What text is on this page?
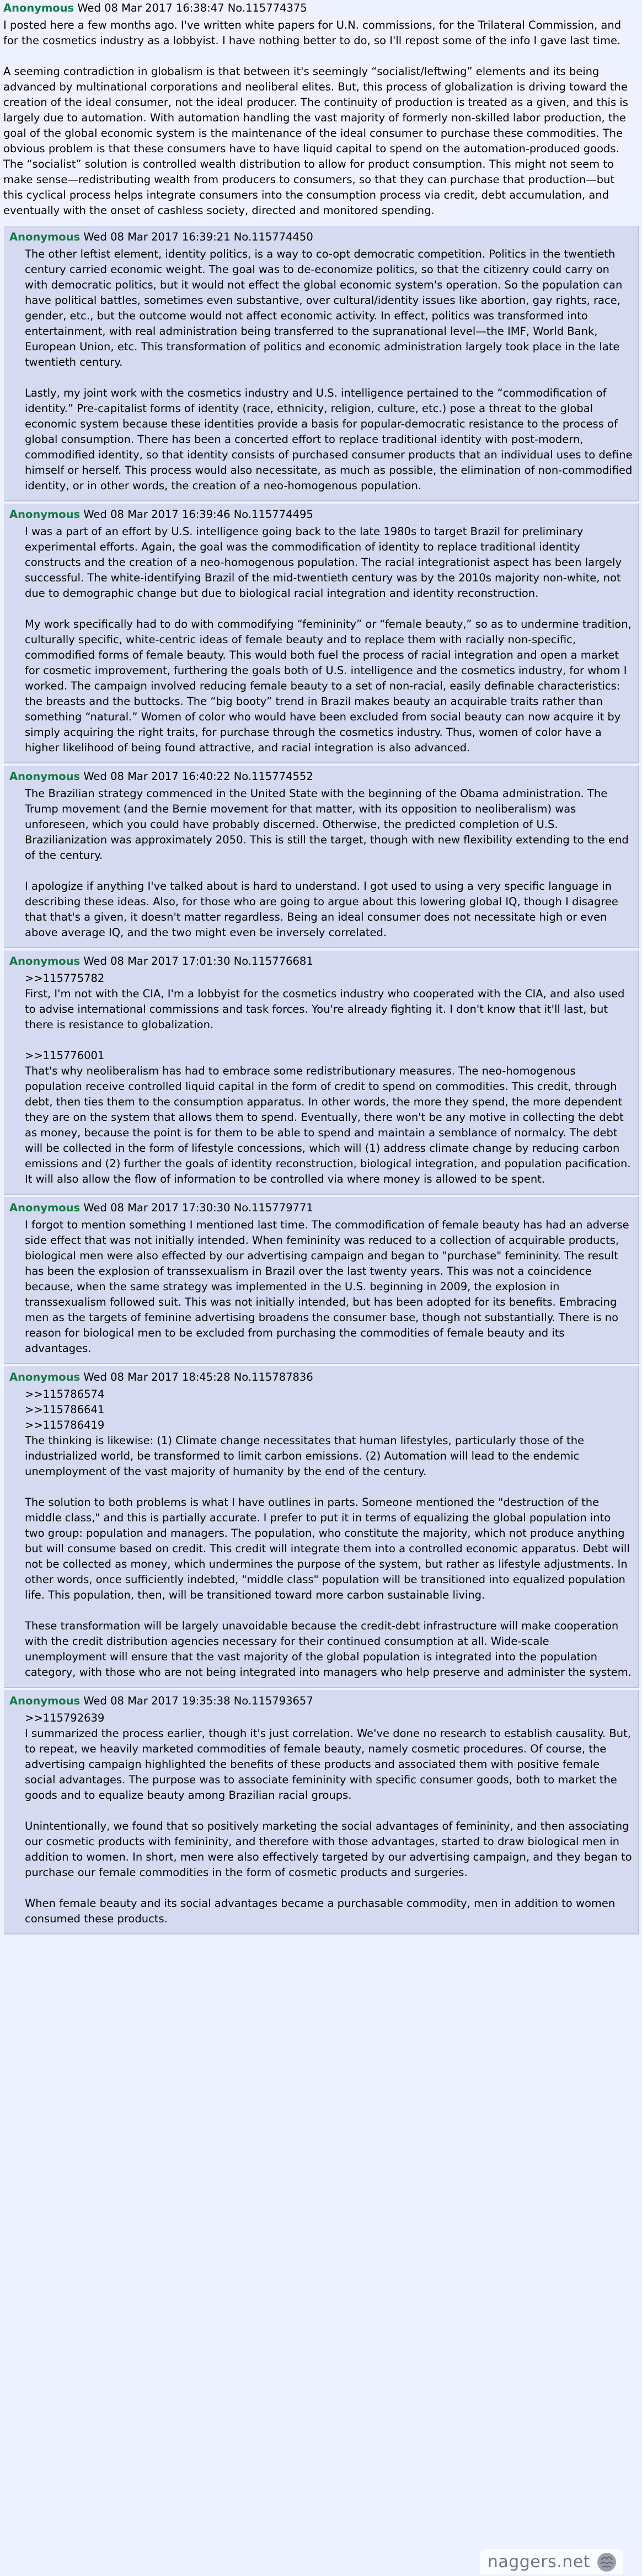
Anonymous Wed 08 Mar 2017 16:38:47 No.115774375

I posted here a few months ago. I've written white papers for U.N. commissions, for the Trilateral Commission, and for the cosmetics industry as a lobbyist. I have nothing better to do, so I'll repost some of the info I gave last time.

A seeming contradiction in globalism is that between it's seemingly “socialist/leftwing” elements and its being advanced by multinational corporations and neoliberal elites. But, this process of globalization is driving toward the creation of the ideal consumer, not the ideal producer. The continuity of production is treated as a given, and this is largely due to automation. With automation handling the vast majority of formerly non-skilled labor production, the goal of the global economic system is the maintenance of the ideal consumer to purchase these commodities. The obvious problem is that these consumers have to have liquid capital to spend on the automation-produced goods. The “socialist” solution is controlled wealth distribution to allow for product consumption. This might not seem to make sense—redistributing wealth from producers to consumers, so that they can purchase that production—but this cyclical process helps integrate consumers into the consumption process via credit, debt accumulation, and eventually with the onset of cashless society, directed and monitored spending.

Anonymous Wed 08 Mar 2017 16:39:21 No.115774450

The other leftist element, identity politics, is a way to co-opt democratic competition. Politics in the twentieth century carried economic weight. The goal was to de-economize politics, so that the citizenry could carry on with democratic politics, but it would not effect the global economic system's operation. So the population can have political battles, sometimes even substantive, over cultural/identity issues like abortion, gay rights, race, gender, etc., but the outcome would not affect economic activity. In effect, politics was transformed into entertainment, with real administration being transferred to the supranational level—the IMF, World Bank, European Union, etc. This transformation of politics and economic administration largely took place in the late twentieth century.

Lastly, my joint work with the cosmetics industry and U.S. intelligence pertained to the “commodification of identity.” Pre-capitalist forms of identity (race, ethnicity, religion, culture, etc.) pose a threat to the global economic system because these identities provide a basis for popular-democratic resistance to the process of global consumption. There has been a concerted effort to replace traditional identity with post-modern, commodified identity, so that identity consists of purchased consumer products that an individual uses to define himself or herself. This process would also necessitate, as much as possible, the elimination of non-commodified identity, or in other words, the creation of a neo-homogenous population.

Anonymous Wed 08 Mar 2017 16:39:46 No.115774495

I was a part of an effort by U.S. intelligence going back to the late 1980s to target Brazil for preliminary experimental efforts. Again, the goal was the commodification of identity to replace traditional identity constructs and the creation of a neo-homogenous population. The racial integrationist aspect has been largely successful. The white-identifying Brazil of the mid-twentieth century was by the 2010s majority non-white, not due to demographic change but due to biological racial integration and identity reconstruction.

My work specifically had to do with commodifying “femininity” or “female beauty,” so as to undermine tradition, culturally specific, white-centric ideas of female beauty and to replace them with racially non-specific, commodified forms of female beauty. This would both fuel the process of racial integration and open a market for cosmetic improvement, furthering the goals both of U.S. intelligence and the cosmetics industry, for whom I worked. The campaign involved reducing female beauty to a set of non-racial, easily definable characteristics: the breasts and the buttocks. The “big booty” trend in Brazil makes beauty an acquirable traits rather than something “natural.” Women of color who would have been excluded from social beauty can now acquire it by simply acquiring the right traits, for purchase through the cosmetics industry. Thus, women of color have a higher likelihood of being found attractive, and racial integration is also advanced.

Anonymous Wed 08 Mar 2017 16:40:22 No.115774552

The Brazilian strategy commenced in the United State with the beginning of the Obama administration. The Trump movement (and the Bernie movement for that matter, with its opposition to neoliberalism) was unforeseen, which you could have probably discerned. Otherwise, the predicted completion of U.S. Brazilianization was approximately 2050. This is still the target, though with new flexibility extending to the end of the century.

I apologize if anything I've talked about is hard to understand. I got used to using a very specific language in describing these ideas. Also, for those who are going to argue about this lowering global IQ, though I disagree that that's a given, it doesn't matter regardless. Being an ideal consumer does not necessitate high or even above average IQ, and the two might even be inversely correlated.

Anonymous Wed 08 Mar 2017 17:01:30 No.115776681

>>115775782
First, I'm not with the CIA, I'm a lobbyist for the cosmetics industry who cooperated with the CIA, and also used to advise international commissions and task forces. You're already fighting it. I don't know that it'll last, but there is resistance to globalization.

>>115776001
That's why neoliberalism has had to embrace some redistributionary measures. The neo-homogenous population receive controlled liquid capital in the form of credit to spend on commodities. This credit, through debt, then ties them to the consumption apparatus. In other words, the more they spend, the more dependent they are on the system that allows them to spend. Eventually, there won't be any motive in collecting the debt as money, because the point is for them to be able to spend and maintain a semblance of normalcy. The debt will be collected in the form of lifestyle concessions, which will (1) address climate change by reducing carbon emissions and (2) further the goals of identity reconstruction, biological integration, and population pacification. It will also allow the flow of information to be controlled via where money is allowed to be spent.

Anonymous Wed 08 Mar 2017 17:30:30 No.115779771

I forgot to mention something I mentioned last time. The commodification of female beauty has had an adverse side effect that was not initially intended. When femininity was reduced to a collection of acquirable products, biological men were also effected by our advertising campaign and began to "purchase" femininity. The result has been the explosion of transsexualism in Brazil over the last twenty years. This was not a coincidence because, when the same strategy was implemented in the U.S. beginning in 2009, the explosion in transsexualism followed suit. This was not initially intended, but has been adopted for its benefits. Embracing men as the targets of feminine advertising broadens the consumer base, though not substantially. There is no reason for biological men to be excluded from purchasing the commodities of female beauty and its advantages.

Anonymous Wed 08 Mar 2017 18:45:28 No.115787836
>>115786574
>>115786641
>>115786419

The thinking is likewise: (1) Climate change necessitates that human lifestyles, particularly those of the industrialized world, be transformed to limit carbon emissions. (2) Automation will lead to the endemic unemployment of the vast majority of humanity by the end of the century.

The solution to both problems is what I have outlines in parts. Someone mentioned the "destruction of the middle class," and this is partially accurate. I prefer to put it in terms of equalizing the global population into two group: population and managers. The population, who constitute the majority, which not produce anything but will consume based on credit. This credit will integrate them into a controlled economic apparatus. Debt will not be collected as money, which undermines the purpose of the system, but rather as lifestyle adjustments. In other words, once sufficiently indebted, "middle class" population will be transitioned into equalized population life. This population, then, will be transitioned toward more carbon sustainable living.

These transformation will be largely unavoidable because the credit-debt infrastructure will make cooperation with the credit distribution agencies necessary for their continued consumption at all. Wide-scale unemployment will ensure that the vast majority of the global population is integrated into the population category, with those who are not being integrated into managers who help preserve and administer the system.

Anonymous Wed 08 Mar 2017 19:35:38 No.115793657
>>115792639

I summarized the process earlier, though it's just correlation. We've done no research to establish causality. But, to repeat, we heavily marketed commodities of female beauty, namely cosmetic procedures. Of course, the advertising campaign highlighted the benefits of these products and associated them with positive female social advantages. The purpose was to associate femininity with specific consumer goods, both to market the goods and to equalize beauty among Brazilian racial groups.

Unintentionally, we found that so positively marketing the social advantages of femininity, and then associating our cosmetic products with femininity, and therefore with those advantages, started to draw biological men in addition to women. In short, men were also effectively targeted by our advertising campaign, and they began to purchase our female commodities in the form of cosmetic products and surgeries.

When female beauty and its social advantages became a purchasable commodity, men in addition to women consumed these products.

naggers.net
